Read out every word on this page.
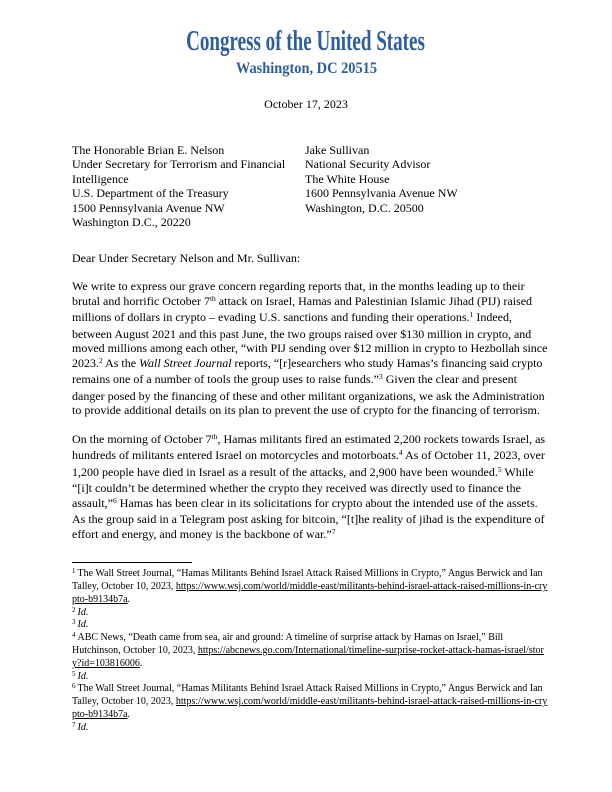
Congress of the United States
Washington, DC 20515
October 17, 2023
The Honorable Brian E. Nelson
Under Secretary for Terrorism and Financial
Intelligence
U.S. Department of the Treasury
1500 Pennsylvania Avenue NW
Washington D.C., 20220
Jake Sullivan
National Security Advisor
The White House
1600 Pennsylvania Avenue NW
Washington, D.C. 20500
Dear Under Secretary Nelson and Mr. Sullivan:
We write to express our grave concern regarding reports that, in the months leading up to their brutal and horrific October 7th attack on Israel, Hamas and Palestinian Islamic Jihad (PIJ) raised millions of dollars in crypto – evading U.S. sanctions and funding their operations.$^1$ Indeed, between August 2021 and this past June, the two groups raised over $130 million in crypto, and moved millions among each other, “with PIJ sending over $12 million in crypto to Hezbollah since 2023.$^2$ As the Wall Street Journal reports, “[r]esearchers who study Hamas’s financing said crypto remains one of a number of tools the group uses to raise funds.”$^3$ Given the clear and present danger posed by the financing of these and other militant organizations, we ask the Administration to provide additional details on its plan to prevent the use of crypto for the financing of terrorism.
On the morning of October 7th, Hamas militants fired an estimated 2,200 rockets towards Israel, as hundreds of militants entered Israel on motorcycles and motorboats.$^4$ As of October 11, 2023, over 1,200 people have died in Israel as a result of the attacks, and 2,900 have been wounded.$^5$ While “[i]t couldn’t be determined whether the crypto they received was directly used to finance the assault,”$^6$ Hamas has been clear in its solicitations for crypto about the intended use of the assets. As the group said in a Telegram post asking for bitcoin, “[t]he reality of jihad is the expenditure of effort and energy, and money is the backbone of war.”$^7$
$^1$ The Wall Street Journal, “Hamas Militants Behind Israel Attack Raised Millions in Crypto,” Angus Berwick and Ian Talley, October 10, 2023, https://www.wsj.com/world/middle-east/militants-behind-israel-attack-raised-millions-in-crypto-b9134b7a.
$^2$ Id.
$^3$ Id.
$^4$ ABC News, “Death came from sea, air and ground: A timeline of surprise attack by Hamas on Israel,” Bill Hutchinson, October 10, 2023, https://abcnews.go.com/International/timeline-surprise-rocket-attack-hamas-israel/story?id=103816006.
$^5$ Id.
$^6$ The Wall Street Journal, “Hamas Militants Behind Israel Attack Raised Millions in Crypto,” Angus Berwick and Ian Talley, October 10, 2023, https://www.wsj.com/world/middle-east/militants-behind-israel-attack-raised-millions-in-crypto-b9134b7a.
$^7$ Id.
